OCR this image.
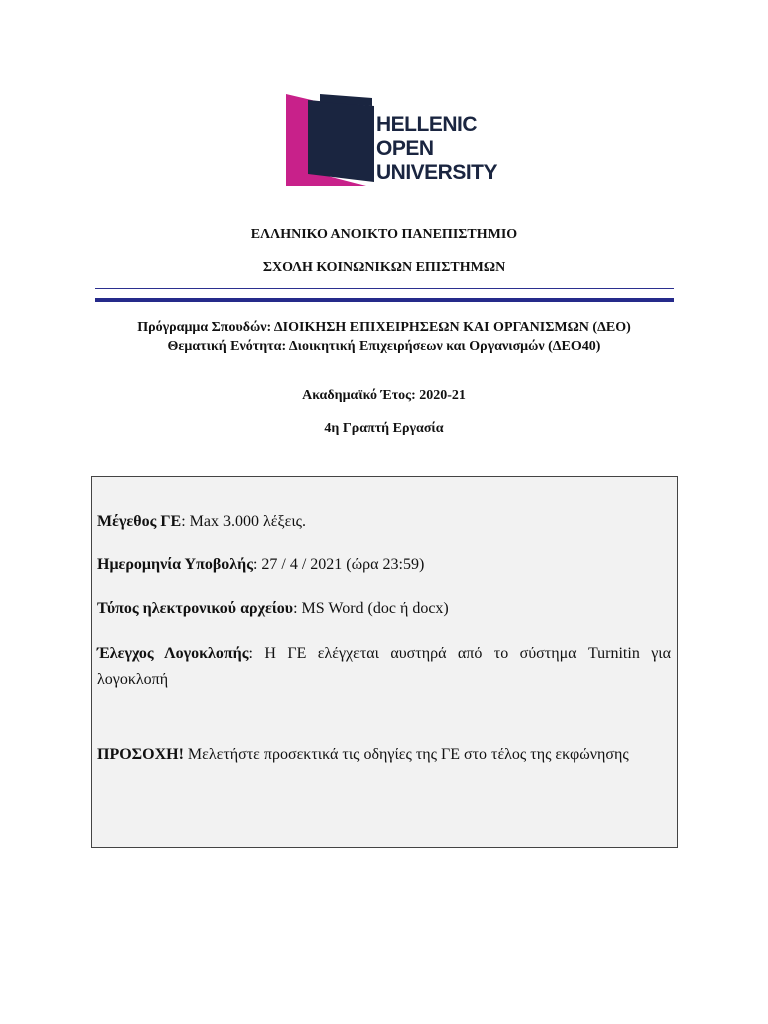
HELLENIC
OPEN
UNIVERSITY
ΕΛΛΗΝΙΚΟ ΑΝΟΙΚΤΟ ΠΑΝΕΠΙΣΤΗΜΙΟ
ΣΧΟΛΗ ΚΟΙΝΩΝΙΚΩΝ ΕΠΙΣΤΗΜΩΝ
Πρόγραμμα Σπουδών: ΔΙΟΙΚΗΣΗ ΕΠΙΧΕΙΡΗΣΕΩΝ ΚΑΙ ΟΡΓΑΝΙΣΜΩΝ (ΔΕΟ)
Θεματική Ενότητα: Διοικητική Επιχειρήσεων και Οργανισμών (ΔΕΟ40)
Ακαδημαϊκό Έτος: 2020-21
4η Γραπτή Εργασία
Μέγεθος ΓΕ: Max 3.000 λέξεις.
Ημερομηνία Υποβολής: 27 / 4 / 2021 (ώρα 23:59)
Τύπος ηλεκτρονικού αρχείου: MS Word (doc ή docx)
Έλεγχος Λογοκλοπής: Η ΓΕ ελέγχεται αυστηρά από το σύστημα Turnitin για λογοκλοπή
ΠΡΟΣΟΧΗ! Μελετήστε προσεκτικά τις οδηγίες της ΓΕ στο τέλος της εκφώνησης
